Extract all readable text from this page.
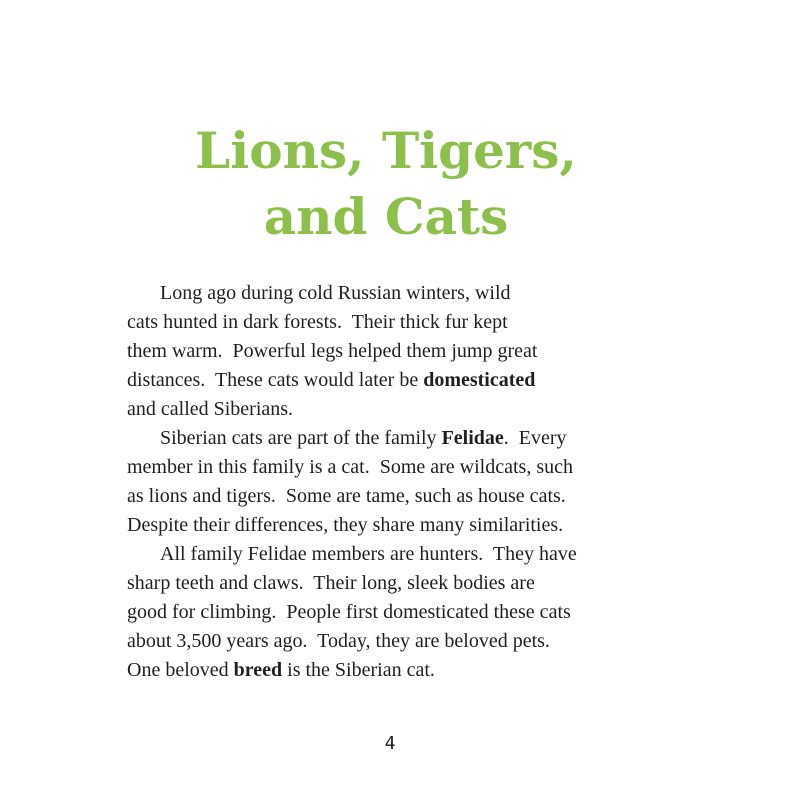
Lions, Tigers,
and Cats
Long ago during cold Russian winters, wild
cats hunted in dark forests.  Their thick fur kept
them warm.  Powerful legs helped them jump great
distances.  These cats would later be domesticated
and called Siberians.
Siberian cats are part of the family Felidae.  Every
member in this family is a cat.  Some are wildcats, such
as lions and tigers.  Some are tame, such as house cats.
Despite their differences, they share many similarities.
All family Felidae members are hunters.  They have
sharp teeth and claws.  Their long, sleek bodies are
good for climbing.  People first domesticated these cats
about 3,500 years ago.  Today, they are beloved pets.
One beloved breed is the Siberian cat.
4
